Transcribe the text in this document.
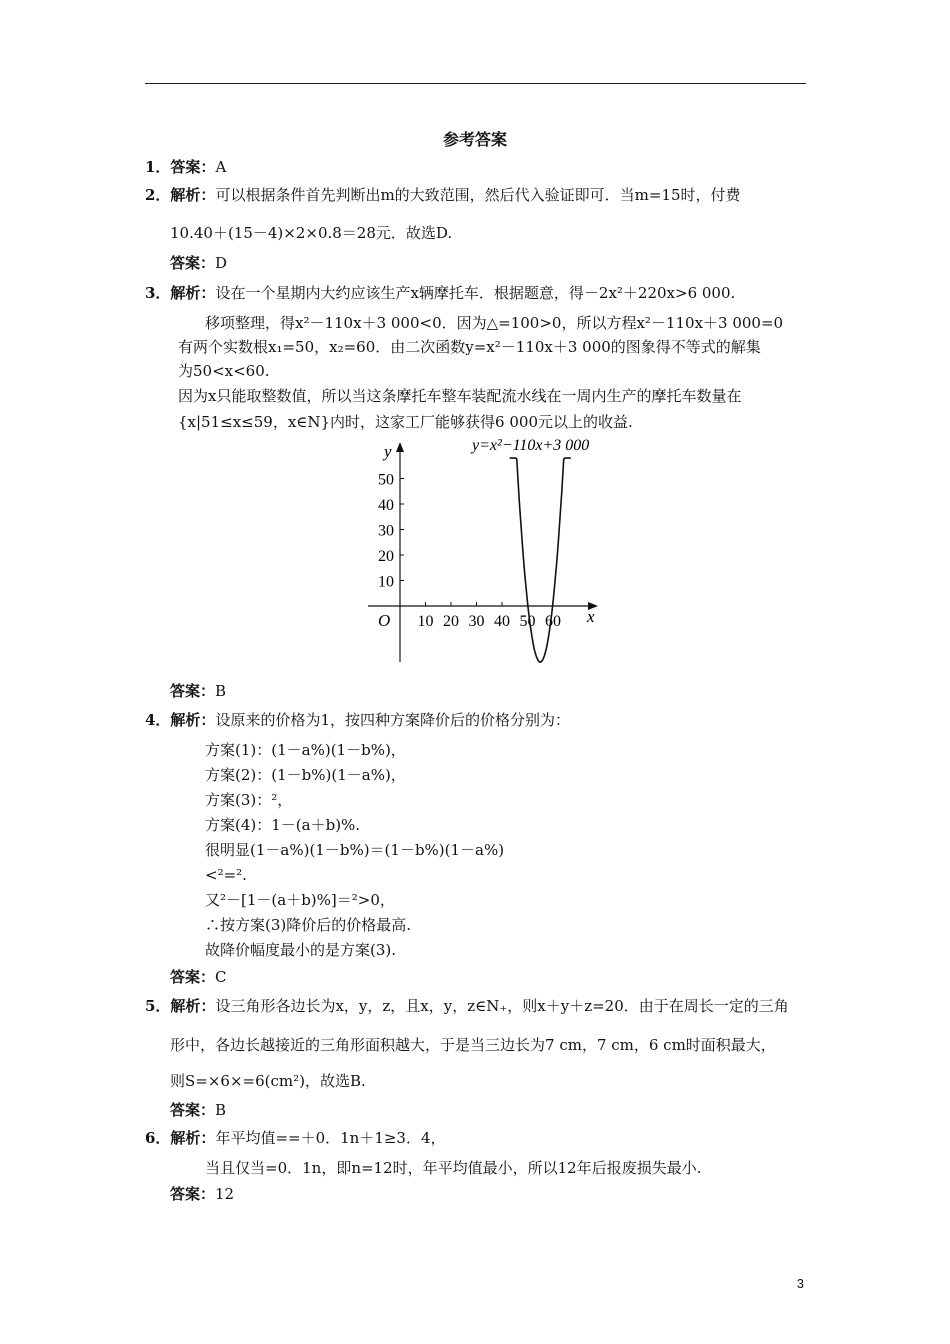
参考答案
1．答案：A
2．解析：可以根据条件首先判断出m的大致范围，然后代入验证即可．当m=15时，付费
10.40＋(15－4)×2×0.8＝28元．故选D.
答案：D
3．解析：设在一个星期内大约应该生产x辆摩托车．根据题意，得－2x²＋220x>6 000.
移项整理，得x²－110x＋3 000<0．因为△=100>0，所以方程x²－110x＋3 000=0
有两个实数根x₁=50，x₂=60．由二次函数y=x²－110x＋3 000的图象得不等式的解集
为50<x<60.
因为x只能取整数值，所以当这条摩托车整车装配流水线在一周内生产的摩托车数量在
{x|51≤x≤59，x∈N}内时，这家工厂能够获得6 000元以上的收益.
答案：B
4．解析：设原来的价格为1，按四种方案降价后的价格分别为：
方案(1)：(1－a%)(1－b%)，
方案(2)：(1－b%)(1－a%)，
方案(3)：²，
方案(4)：1－(a＋b)%.
很明显(1－a%)(1－b%)＝(1－b%)(1－a%)
<²=².
又²－[1－(a＋b)%]＝²>0，
∴按方案(3)降价后的价格最高.
故降价幅度最小的是方案(3).
答案：C
5．解析：设三角形各边长为x，y，z，且x，y，z∈N₊，则x＋y＋z=20．由于在周长一定的三角
形中，各边长越接近的三角形面积越大，于是当三边长为7 cm，7 cm，6 cm时面积最大，
则S=×6×=6(cm²)，故选B.
答案：B
6．解析：年平均值==＋0．1n＋1≥3．4，
当且仅当=0．1n，即n=12时，年平均值最小，所以12年后报废损失最小.
答案：12
x
y
O
y=x²−110x+3 000
10 20 30 40 50 60
10
20
30
40
50
3
